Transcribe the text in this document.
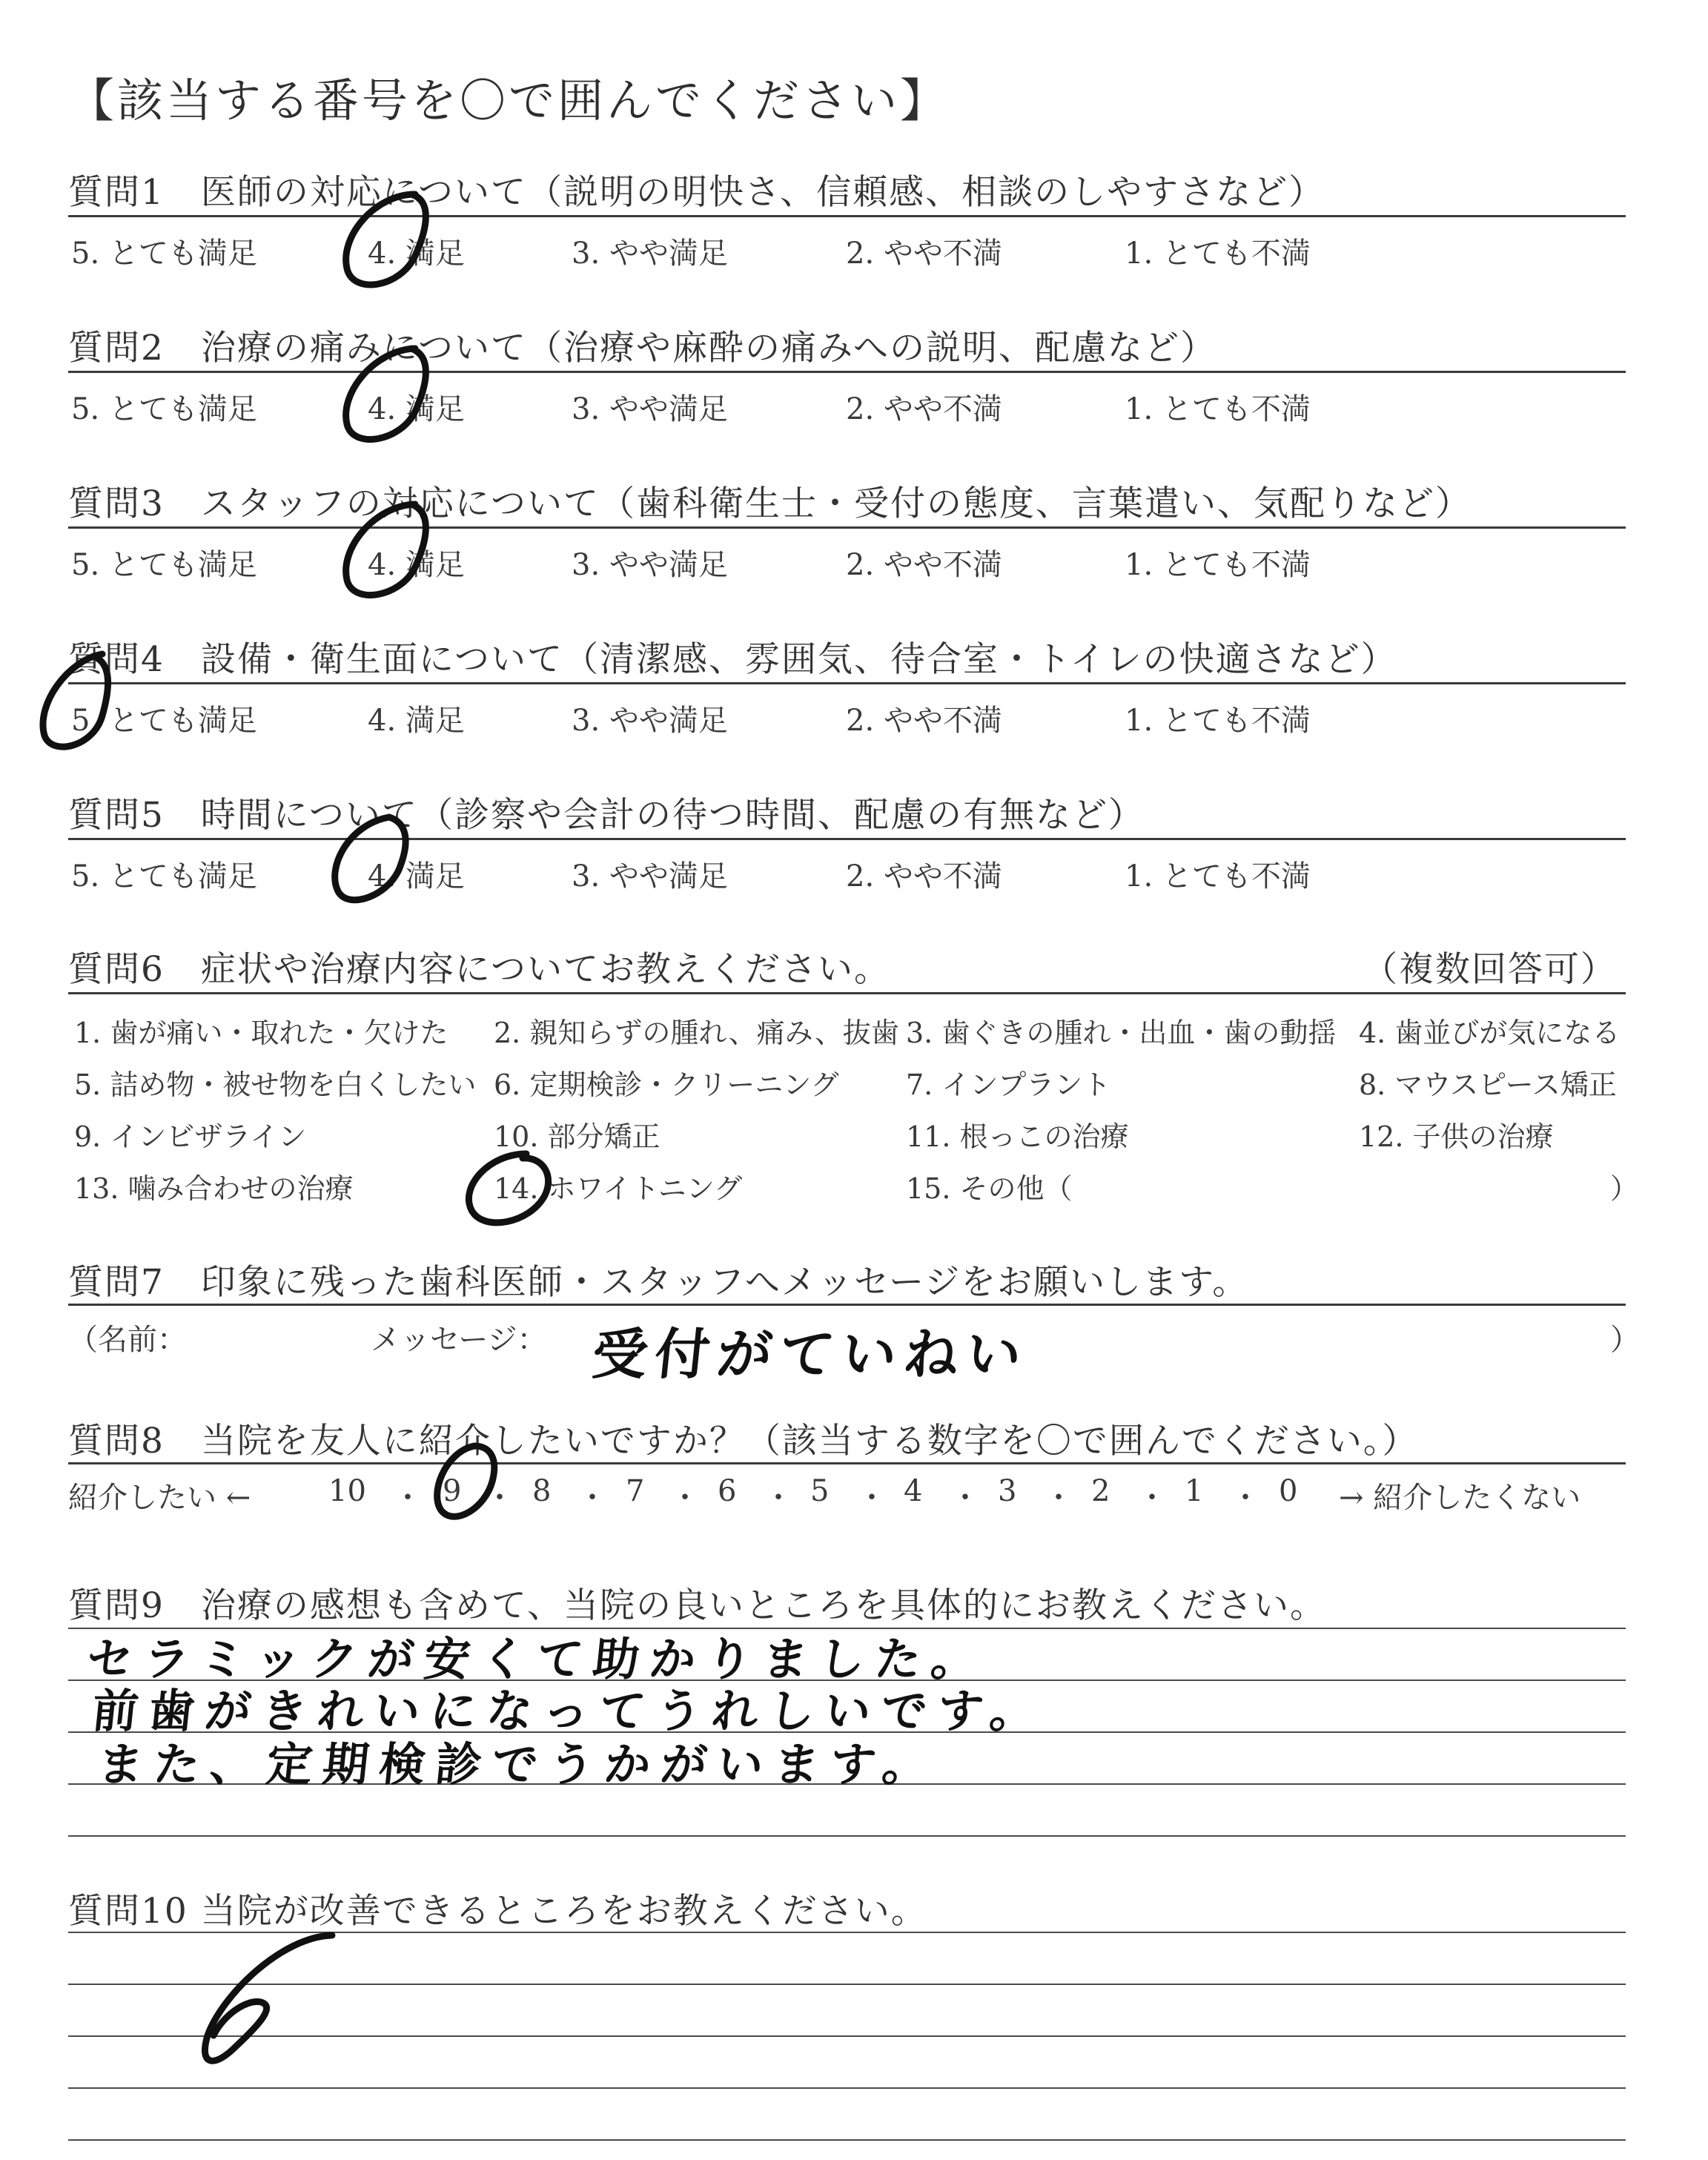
【該当する番号を〇で囲んでください】
質問1　医師の対応について（説明の明快さ、信頼感、相談のしやすさなど）
5. とても満足	4. 満足	3. やや満足	2. やや不満	1. とても不満
質問2　治療の痛みについて（治療や麻酔の痛みへの説明、配慮など）
5. とても満足	4. 満足	3. やや満足	2. やや不満	1. とても不満
質問3　スタッフの対応について（歯科衛生士・受付の態度、言葉遣い、気配りなど）
5. とても満足	4. 満足	3. やや満足	2. やや不満	1. とても不満
質問4　設備・衛生面について（清潔感、雰囲気、待合室・トイレの快適さなど）
5. とても満足	4. 満足	3. やや満足	2. やや不満	1. とても不満
質問5　時間について（診察や会計の待つ時間、配慮の有無など）
5. とても満足	4. 満足	3. やや満足	2. やや不満	1. とても不満
質問6　症状や治療内容についてお教えください。	（複数回答可）
1. 歯が痛い・取れた・欠けた 2. 親知らずの腫れ、痛み、抜歯 3. 歯ぐきの腫れ・出血・歯の動揺 4. 歯並びが気になる
5. 詰め物・被せ物を白くしたい 6. 定期検診・クリーニング 7. インプラント	8. マウスピース矯正
9. インビザライン	10. 部分矯正	11. 根っこの治療	12. 子供の治療
13. 噛み合わせの治療	14. ホワイトニング	15. その他（	）
質問7　印象に残った歯科医師・スタッフへメッセージをお願いします。
（名前：	メッセージ： 受付がていねい	）
質問8　当院を友人に紹介したいですか？（該当する数字を〇で囲んでください。）
紹介したい ←	10 ・ 9 ・ 8 ・ 7 ・ 6 ・ 5 ・ 4 ・ 3 ・ 2 ・ 1 ・ 0 → 紹介したくない
質問9　治療の感想も含めて、当院の良いところを具体的にお教えください。
セラミックが安くて助かりました。
前歯がきれいになってうれしいです。
また、定期検診でうかがいます。
質問10 当院が改善できるところをお教えください。
